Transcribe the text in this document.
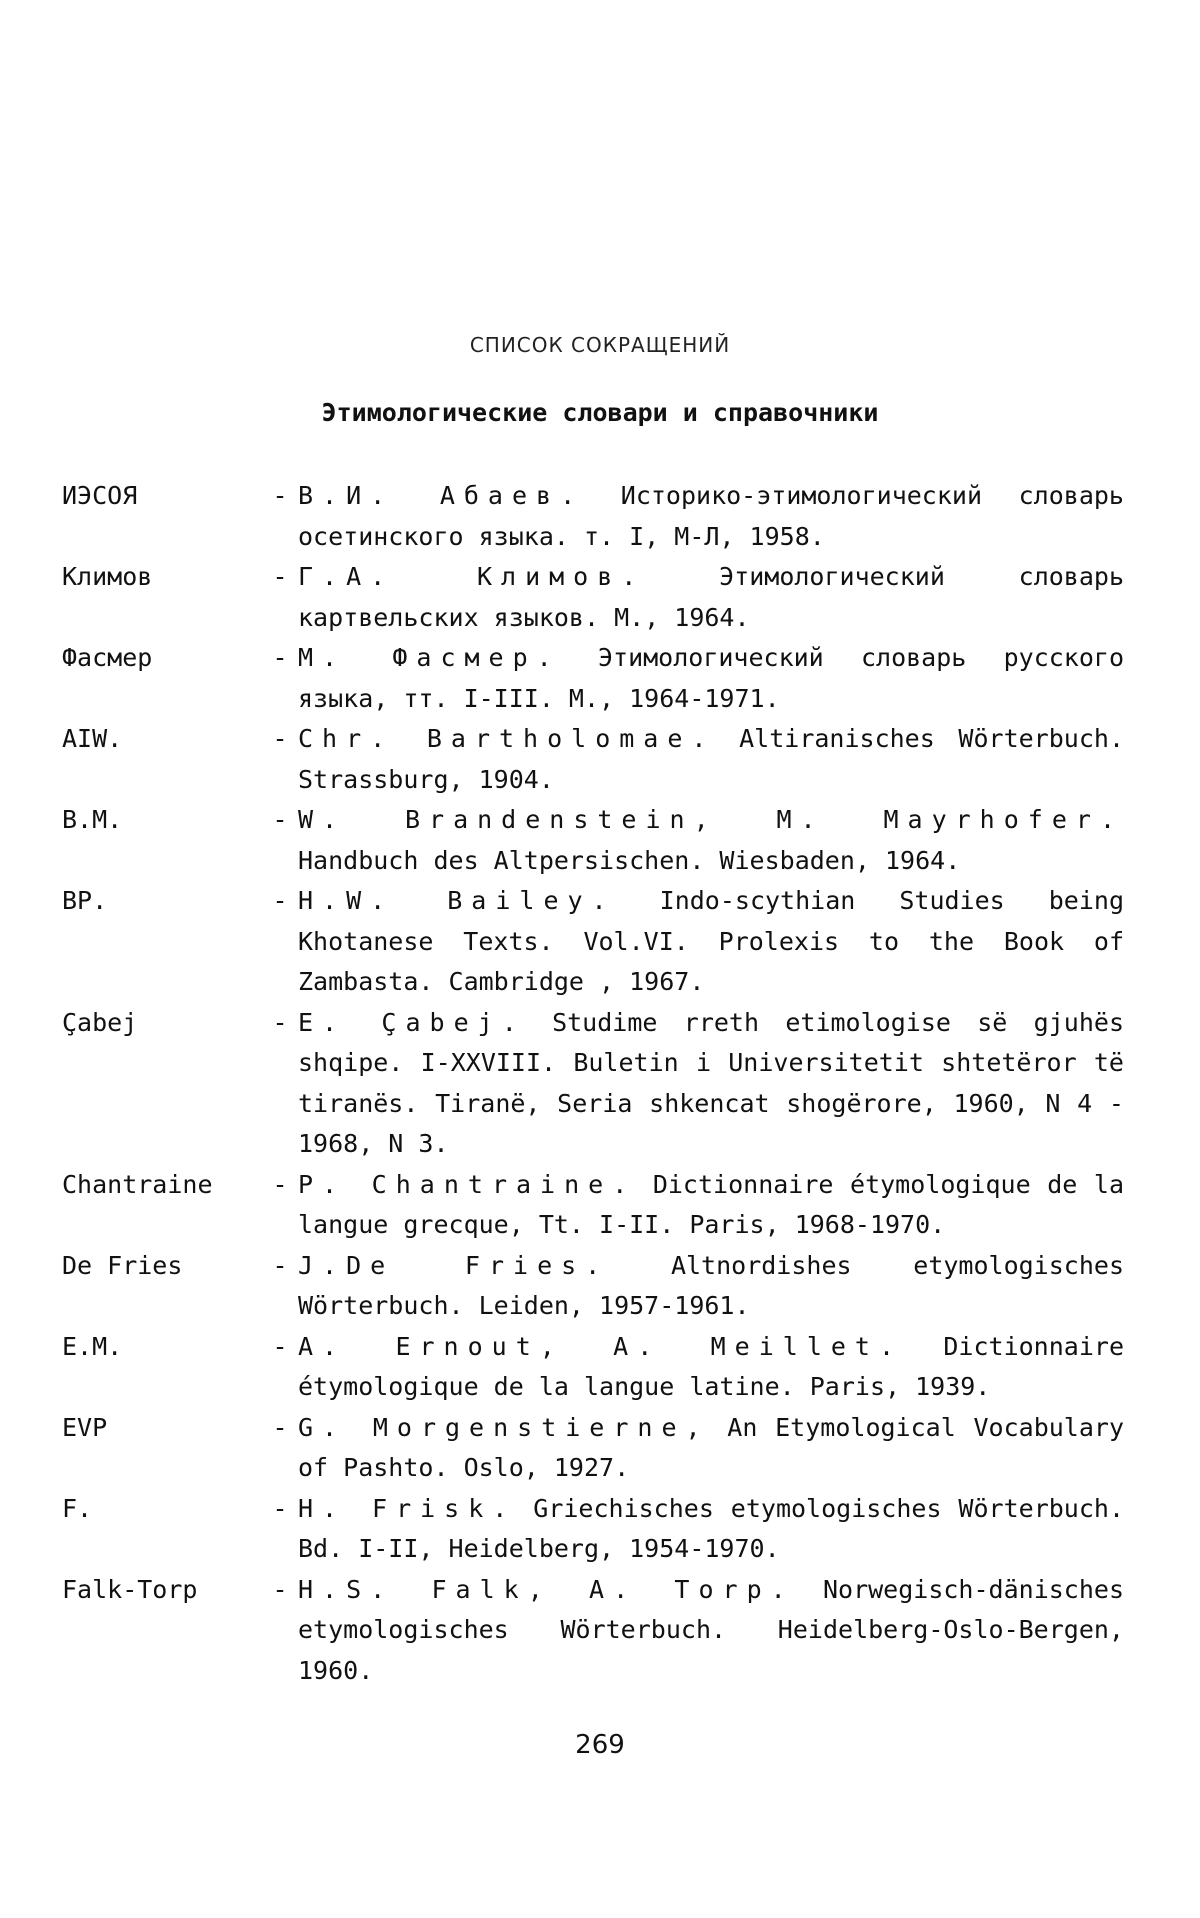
СПИСОК СОКРАЩЕНИЙ
Этимологические словари и справочники
ИЭСОЯ	- В.И. Абаев. Историко-этимологический словарь осетинского языка. т. I, М-Л, 1958.
Климов	- Г.А. Климов. Этимологический словарь картвельских языков. М., 1964.
Фасмер	- М. Фасмер. Этимологический словарь русского языка, тт. I-III. М., 1964-1971.
AIW.	- Chr. Bartholomae. Altiranisches Wörterbuch. Strassburg, 1904.
B.M.	- W. Brandenstein, M. Mayrhofer. Handbuch des Altpersischen. Wiesbaden, 1964.
BP.	- H.W. Bailey. Indo-scythian Studies being Khotanese Texts. Vol.VI. Prolexis to the Book of Zambasta. Cambridge , 1967.
Çabej	- E. Çabej. Studime rreth etimologise së gjuhës shqipe. I-XXVIII. Buletin i Universitetit shtetëror të tiranës. Tiranë, Seria shkencat shogërore, 1960, N 4 - 1968, N 3.
Chantraine	- P. Chantraine. Dictionnaire étymologique de la langue grecque, Tt. I-II. Paris, 1968-1970.
De Fries	- J.De Fries. Altnordishes etymologisches Wörterbuch. Leiden, 1957-1961.
E.M.	- A. Ernout, A. Meillet. Dictionnaire étymologique de la langue latine. Paris, 1939.
EVP	- G. Morgenstierne, An Etymological Vocabulary of Pashto. Oslo, 1927.
F.	- H. Frisk. Griechisches etymologisches Wörterbuch. Bd. I-II, Heidelberg, 1954-1970.
Falk-Torp	- H.S. Falk, A. Torp. Norwegisch-dänisches etymologisches Wörterbuch. Heidelberg-Oslo-Bergen, 1960.
269
